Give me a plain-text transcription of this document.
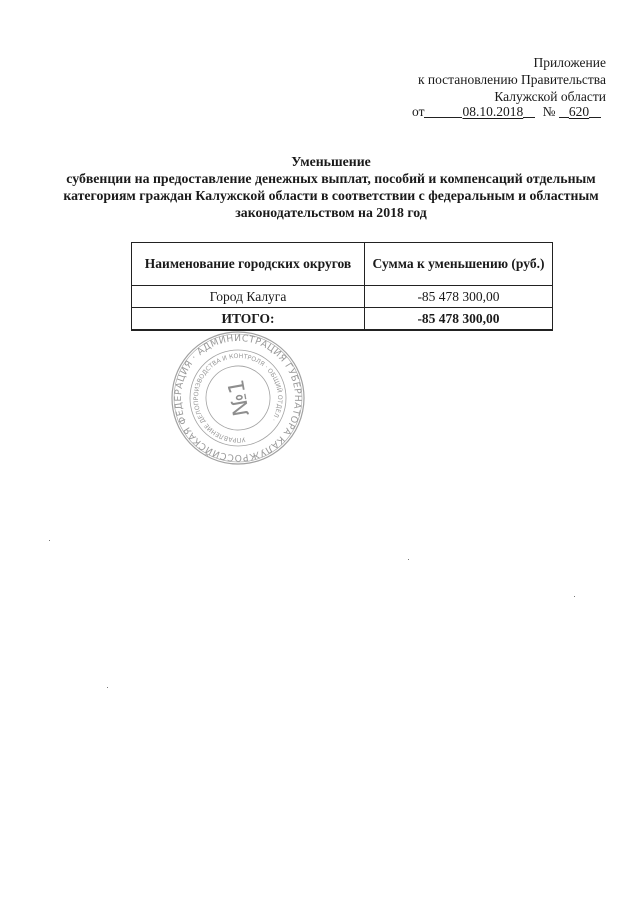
Приложение
к постановлению Правительства
Калужской области
от	08.10.2018 № 620
Уменьшение
субвенции на предоставление денежных выплат, пособий и компенсаций отдельным
категориям граждан Калужской области в соответствии с федеральным и областным
законодательством на 2018 год
Наименование городских округов	Сумма к уменьшению (руб.)
Город Калуга	-85 478 300,00
ИТОГО:	-85 478 300,00
РОССИЙСКАЯ ФЕДЕРАЦИЯ · АДМИНИСТРАЦИЯ ГУБЕРНАТОРА КАЛУЖСКОЙ
УПРАВЛЕНИЕ ДЕЛОПРОИЗВОДСТВА И КОНТРОЛЯ · ОБЩИЙ ОТДЕЛ ·
№1
